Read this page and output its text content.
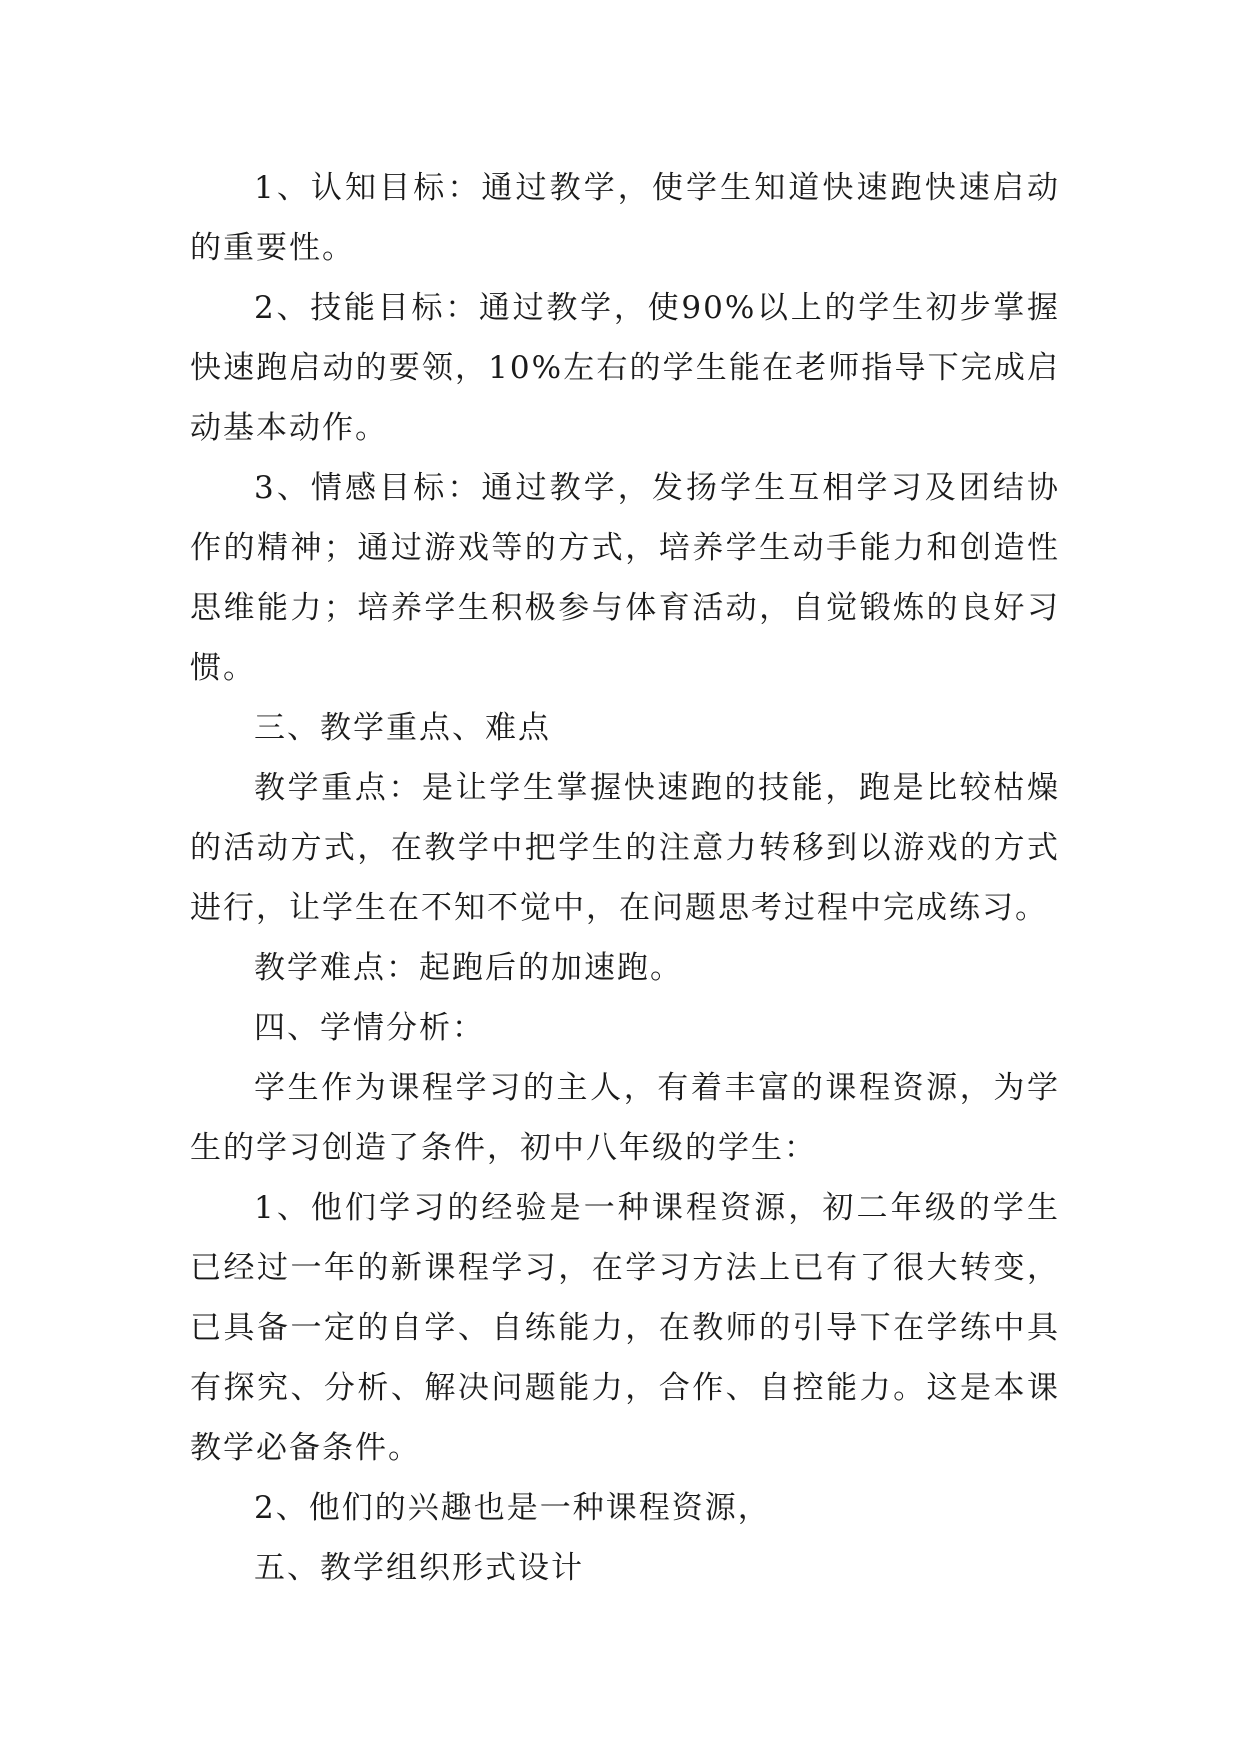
1、认知目标：通过教学，使学生知道快速跑快速启动的重要性。

2、技能目标：通过教学，使90%以上的学生初步掌握快速跑启动的要领，10%左右的学生能在老师指导下完成启动基本动作。

3、情感目标：通过教学，发扬学生互相学习及团结协作的精神；通过游戏等的方式，培养学生动手能力和创造性思维能力；培养学生积极参与体育活动，自觉锻炼的良好习惯。

三、教学重点、难点

教学重点：是让学生掌握快速跑的技能，跑是比较枯燥的活动方式，在教学中把学生的注意力转移到以游戏的方式进行，让学生在不知不觉中，在问题思考过程中完成练习。

教学难点：起跑后的加速跑。

四、学情分析：

学生作为课程学习的主人，有着丰富的课程资源，为学生的学习创造了条件，初中八年级的学生：

1、他们学习的经验是一种课程资源，初二年级的学生已经过一年的新课程学习，在学习方法上已有了很大转变，已具备一定的自学、自练能力，在教师的引导下在学练中具有探究、分析、解决问题能力，合作、自控能力。这是本课教学必备条件。

2、他们的兴趣也是一种课程资源，

五、教学组织形式设计
